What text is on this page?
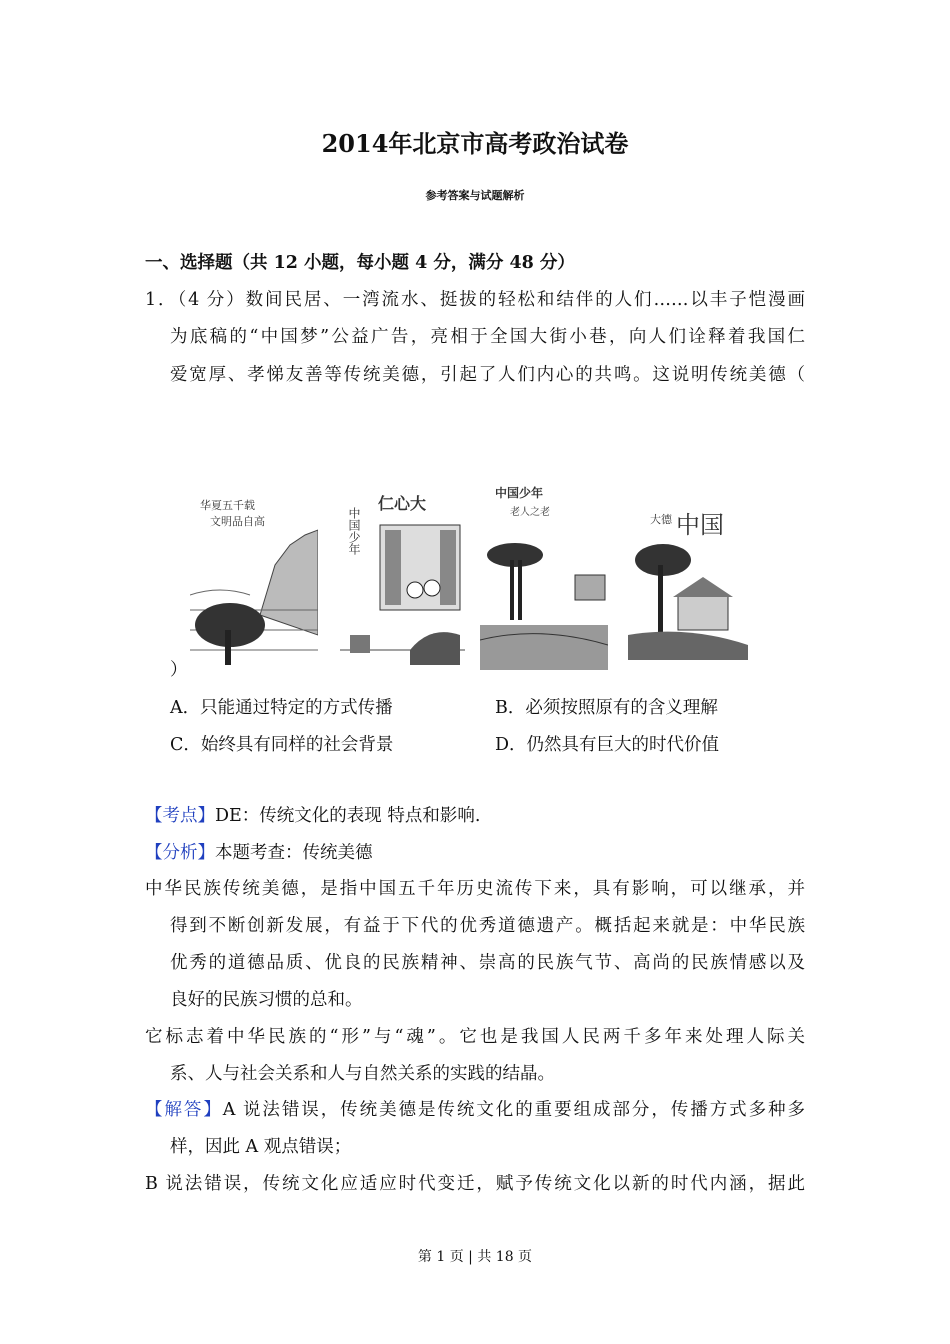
2014年北京市高考政治试卷
参考答案与试题解析
一、选择题（共 12 小题，每小题 4 分，满分 48 分）
1．（4 分）数间民居、一湾流水、挺拔的轻松和结伴的人们……以丰子恺漫画
为底稿的“中国梦”公益广告，亮相于全国大街小巷，向人们诠释着我国仁
爱宽厚、孝悌友善等传统美德，引起了人们内心的共鸣。这说明传统美德（
华夏五千载
文明品自高	中国少年
仁心大
中国少年
老人之老
大德 中国
）
A．只能通过特定的方式传播	B．必须按照原有的含义理解
C．始终具有同样的社会背景	D．仍然具有巨大的时代价值
【考点】DE：传统文化的表现 特点和影响.
【分析】本题考查：传统美德
中华民族传统美德，是指中国五千年历史流传下来，具有影响，可以继承，并
得到不断创新发展，有益于下代的优秀道德遗产。概括起来就是：中华民族
优秀的道德品质、优良的民族精神、崇高的民族气节、高尚的民族情感以及
良好的民族习惯的总和。
它标志着中华民族的“形”与“魂”。它也是我国人民两千多年来处理人际关
系、人与社会关系和人与自然关系的实践的结晶。
【解答】A 说法错误，传统美德是传统文化的重要组成部分，传播方式多种多
样，因此 A 观点错误；
B 说法错误，传统文化应适应时代变迁，赋予传统文化以新的时代内涵，据此
第 1 页 | 共 18 页
